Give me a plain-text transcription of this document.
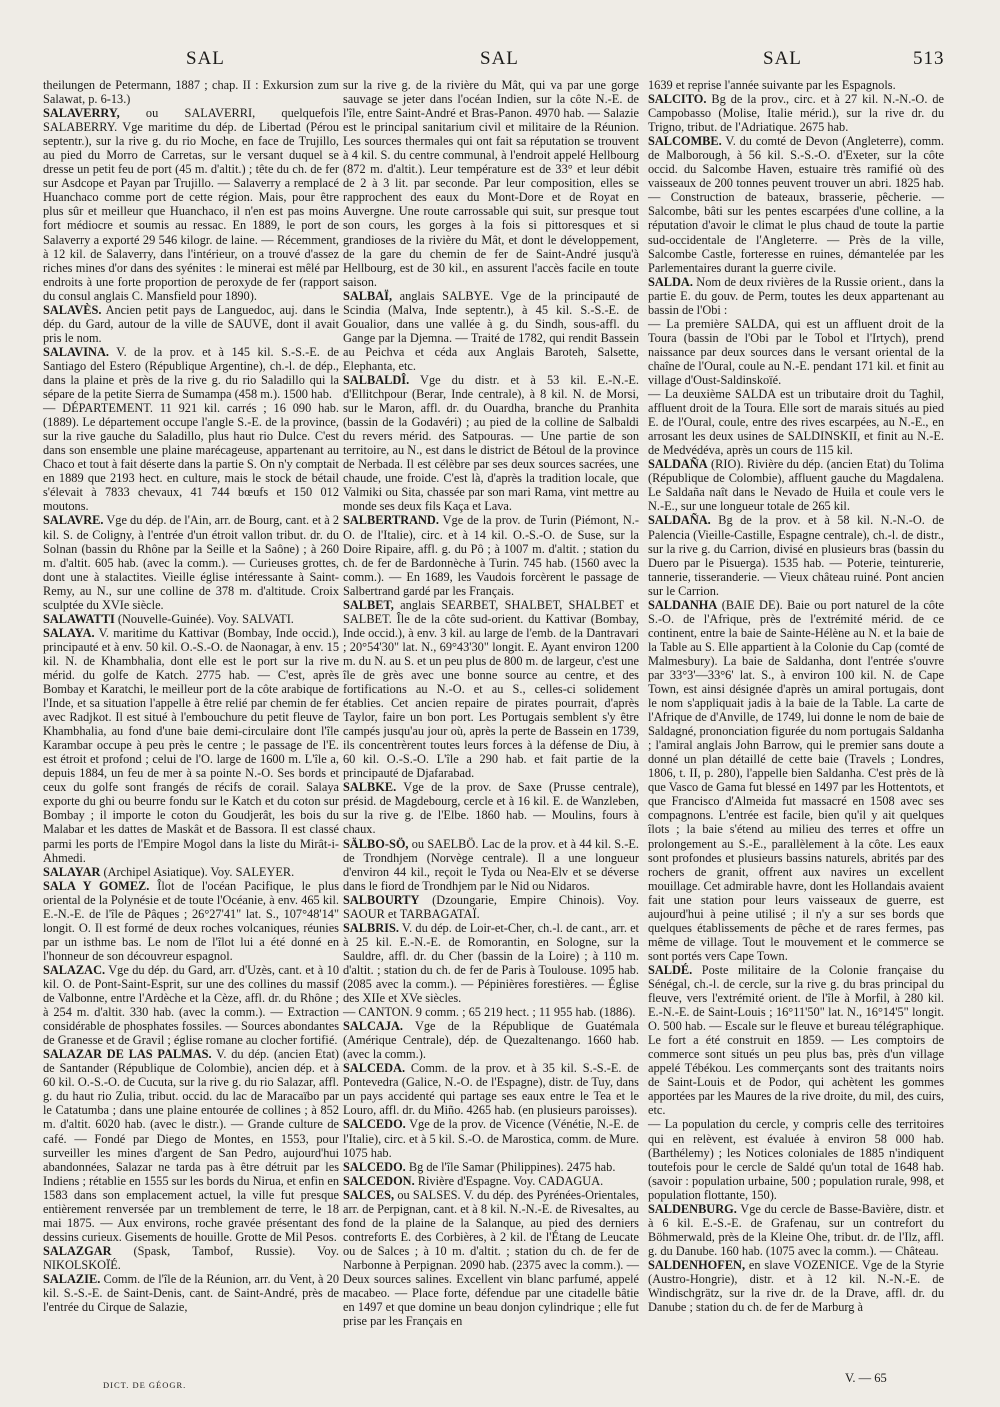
SAL	SAL	SAL	513

theilungen de Petermann, 1887 ; chap. II : Exkursion zum Salawat, p. 6-13.)

SALAVERRY, ou SALAVERRI, quelquefois SALABERRY. Vge maritime du dép. de Libertad (Pérou septentr.), sur la rive g. du rio Moche, en face de Trujillo, au pied du Morro de Carretas, sur le versant duquel se dresse un petit feu de port (45 m. d'altit.) ; tête du ch. de fer sur Asdcope et Payan par Trujillo. — Salaverry a remplacé Huanchaco comme port de cette région. Mais, pour être plus sûr et meilleur que Huanchaco, il n'en est pas moins fort médiocre et soumis au ressac. En 1889, le port de Salaverry a exporté 29 546 kilogr. de laine. — Récemment, à 12 kil. de Salaverry, dans l'intérieur, on a trouvé d'assez riches mines d'or dans des syénites : le minerai est mêlé par endroits à une forte proportion de peroxyde de fer (rapport du consul anglais C. Mansfield pour 1890).

SALAVÈS. Ancien petit pays de Languedoc, auj. dans le dép. du Gard, autour de la ville de SAUVE, dont il avait pris le nom.

SALAVINA. V. de la prov. et à 145 kil. S.-S.-E. de Santiago del Estero (République Argentine), ch.-l. de dép., dans la plaine et près de la rive g. du rio Saladillo qui la sépare de la petite Sierra de Sumampa (458 m.). 1500 hab.

— DÉPARTEMENT. 11 921 kil. carrés ; 16 090 hab. (1889). Le département occupe l'angle S.-E. de la province, sur la rive gauche du Saladillo, plus haut rio Dulce. C'est dans son ensemble une plaine marécageuse, appartenant au Chaco et tout à fait déserte dans la partie S. On n'y comptait en 1889 que 2193 hect. en culture, mais le stock de bétail s'élevait à 7833 chevaux, 41 744 bœufs et 150 012 moutons.

SALAVRE. Vge du dép. de l'Ain, arr. de Bourg, cant. et à 2 kil. S. de Coligny, à l'entrée d'un étroit vallon tribut. dr. du Solnan (bassin du Rhône par la Seille et la Saône) ; à 260 m. d'altit. 605 hab. (avec la comm.). — Curieuses grottes, dont une à stalactites. Vieille église intéressante à Saint-Remy, au N., sur une colline de 378 m. d'altitude. Croix sculptée du XVIe siècle.

SALAWATTI (Nouvelle-Guinée). Voy. SALVATI.

SALAYA. V. maritime du Kattivar (Bombay, Inde occid.), principauté et à env. 50 kil. O.-S.-O. de Naonagar, à env. 15 kil. N. de Khambhalia, dont elle est le port sur la rive mérid. du golfe de Katch. 2775 hab. — C'est, après Bombay et Karatchi, le meilleur port de la côte arabique de l'Inde, et sa situation l'appelle à être relié par chemin de fer avec Radjkot. Il est situé à l'embouchure du petit fleuve de Khambhalia, au fond d'une baie demi-circulaire dont l'île Karambar occupe à peu près le centre ; le passage de l'E. est étroit et profond ; celui de l'O. large de 1600 m. L'île a, depuis 1884, un feu de mer à sa pointe N.-O. Ses bords et ceux du golfe sont frangés de récifs de corail. Salaya exporte du ghi ou beurre fondu sur le Katch et du coton sur Bombay ; il importe le coton du Goudjerât, les bois du Malabar et les dattes de Maskât et de Bassora. Il est classé parmi les ports de l'Empire Mogol dans la liste du Mirât-i-Ahmedi.

SALAYAR (Archipel Asiatique). Voy. SALEYER.

SALA Y GOMEZ. Îlot de l'océan Pacifique, le plus oriental de la Polynésie et de toute l'Océanie, à env. 465 kil. E.-N.-E. de l'île de Pâques ; 26°27'41" lat. S., 107°48'14" longit. O. Il est formé de deux roches volcaniques, réunies par un isthme bas. Le nom de l'îlot lui a été donné en l'honneur de son découvreur espagnol.

SALAZAC. Vge du dép. du Gard, arr. d'Uzès, cant. et à 10 kil. O. de Pont-Saint-Esprit, sur une des collines du massif de Valbonne, entre l'Ardèche et la Cèze, affl. dr. du Rhône ; à 254 m. d'altit. 330 hab. (avec la comm.). — Extraction considérable de phosphates fossiles. — Sources abondantes de Granesse et de Gravil ; église romane au clocher fortifié.

SALAZAR DE LAS PALMAS. V. du dép. (ancien Etat) de Santander (République de Colombie), ancien dép. et à 60 kil. O.-S.-O. de Cucuta, sur la rive g. du rio Salazar, affl. g. du haut rio Zulia, tribut. occid. du lac de Maracaïbo par le Catatumba ; dans une plaine entourée de collines ; à 852 m. d'altit. 6020 hab. (avec le distr.). — Grande culture de café. — Fondé par Diego de Montes, en 1553, pour surveiller les mines d'argent de San Pedro, aujourd'hui abandonnées, Salazar ne tarda pas à être détruit par les Indiens ; rétablie en 1555 sur les bords du Nirua, et enfin en 1583 dans son emplacement actuel, la ville fut presque entièrement renversée par un tremblement de terre, le 18 mai 1875. — Aux environs, roche gravée présentant des dessins curieux. Gisements de houille. Grotte de Mil Pesos.

SALAZGAR (Spask, Tambof, Russie). Voy. NIKOLSKOÏÉ.

SALAZIE. Comm. de l'île de la Réunion, arr. du Vent, à 20 kil. S.-S.-E. de Saint-Denis, cant. de Saint-André, près de l'entrée du Cirque de Salazie,

sur la rive g. de la rivière du Mât, qui va par une gorge sauvage se jeter dans l'océan Indien, sur la côte N.-E. de l'île, entre Saint-André et Bras-Panon. 4970 hab. — Salazie est le principal sanitarium civil et militaire de la Réunion. Les sources thermales qui ont fait sa réputation se trouvent à 4 kil. S. du centre communal, à l'endroit appelé Hellbourg (872 m. d'altit.). Leur température est de 33° et leur débit de 2 à 3 lit. par seconde. Par leur composition, elles se rapprochent des eaux du Mont-Dore et de Royat en Auvergne. Une route carrossable qui suit, sur presque tout son cours, les gorges à la fois si pittoresques et si grandioses de la rivière du Mât, et dont le développement, de la gare du chemin de fer de Saint-André jusqu'à Hellbourg, est de 30 kil., en assurent l'accès facile en toute saison.

SALBAÏ, anglais SALBYE. Vge de la principauté de Scindia (Malva, Inde septentr.), à 45 kil. S.-S.-E. de Goualior, dans une vallée à g. du Sindh, sous-affl. du Gange par la Djemna. — Traité de 1782, qui rendit Bassein au Peichva et céda aux Anglais Baroteh, Salsette, Elephanta, etc.

SALBALDÎ. Vge du distr. et à 53 kil. E.-N.-E. d'Ellitchpour (Berar, Inde centrale), à 8 kil. N. de Morsi, sur le Maron, affl. dr. du Ouardha, branche du Pranhita (bassin de la Godavéri) ; au pied de la colline de Salbaldi du revers mérid. des Satpouras. — Une partie de son territoire, au N., est dans le district de Bétoul de la province de Nerbada. Il est célèbre par ses deux sources sacrées, une chaude, une froide. C'est là, d'après la tradition locale, que Valmiki ou Sita, chassée par son mari Rama, vint mettre au monde ses deux fils Kaça et Lava.

SALBERTRAND. Vge de la prov. de Turin (Piémont, N.-O. de l'Italie), circ. et à 14 kil. O.-S.-O. de Suse, sur la Doire Ripaire, affl. g. du Pô ; à 1007 m. d'altit. ; station du ch. de fer de Bardonnèche à Turin. 745 hab. (1560 avec la comm.). — En 1689, les Vaudois forcèrent le passage de Salbertrand gardé par les Français.

SALBET, anglais SEARBET, SHALBET, SHALBET et SALBET. Île de la côte sud-orient. du Kattivar (Bombay, Inde occid.), à env. 3 kil. au large de l'emb. de la Dantravari ; 20°54'30" lat. N., 69°43'30" longit. E. Ayant environ 1200 m. du N. au S. et un peu plus de 800 m. de largeur, c'est une île de grès avec une bonne source au centre, et des fortifications au N.-O. et au S., celles-ci solidement établies. Cet ancien repaire de pirates pourrait, d'après Taylor, faire un bon port. Les Portugais semblent s'y être campés jusqu'au jour où, après la perte de Bassein en 1739, ils concentrèrent toutes leurs forces à la défense de Diu, à 60 kil. O.-S.-O. L'île a 290 hab. et fait partie de la principauté de Djafarabad.

SALBKE. Vge de la prov. de Saxe (Prusse centrale), présid. de Magdebourg, cercle et à 16 kil. E. de Wanzleben, sur la rive g. de l'Elbe. 1860 hab. — Moulins, fours à chaux.

SÄLBO-SÖ, ou SAELBÖ. Lac de la prov. et à 44 kil. S.-E. de Trondhjem (Norvège centrale). Il a une longueur d'environ 44 kil., reçoit le Tyda ou Nea-Elv et se déverse dans le fiord de Trondhjem par le Nid ou Nidaros.

SALBOURTY (Dzoungarie, Empire Chinois). Voy. SAOUR et TARBAGATAÏ.

SALBRIS. V. du dép. de Loir-et-Cher, ch.-l. de cant., arr. et à 25 kil. E.-N.-E. de Romorantin, en Sologne, sur la Sauldre, affl. dr. du Cher (bassin de la Loire) ; à 110 m. d'altit. ; station du ch. de fer de Paris à Toulouse. 1095 hab. (2085 avec la comm.). — Pépinières forestières. — Église des XIIe et XVe siècles.

— CANTON. 9 comm. ; 65 219 hect. ; 11 955 hab. (1886).

SALCAJA. Vge de la République de Guatémala (Amérique Centrale), dép. de Quezaltenango. 1660 hab. (avec la comm.).

SALCEDA. Comm. de la prov. et à 35 kil. S.-S.-E. de Pontevedra (Galice, N.-O. de l'Espagne), distr. de Tuy, dans un pays accidenté qui partage ses eaux entre le Tea et le Louro, affl. dr. du Miño. 4265 hab. (en plusieurs paroisses).

SALCEDO. Vge de la prov. de Vicence (Vénétie, N.-E. de l'Italie), circ. et à 5 kil. S.-O. de Marostica, comm. de Mure. 1075 hab.

SALCEDO. Bg de l'île Samar (Philippines). 2475 hab.

SALCEDON. Rivière d'Espagne. Voy. CADAGUA.

SALCES, ou SALSES. V. du dép. des Pyrénées-Orientales, arr. de Perpignan, cant. et à 8 kil. N.-N.-E. de Rivesaltes, au fond de la plaine de la Salanque, au pied des derniers contreforts E. des Corbières, à 2 kil. de l'Étang de Leucate ou de Salces ; à 10 m. d'altit. ; station du ch. de fer de Narbonne à Perpignan. 2090 hab. (2375 avec la comm.). — Deux sources salines. Excellent vin blanc parfumé, appelé macabeo. — Place forte, défendue par une citadelle bâtie en 1497 et que domine un beau donjon cylindrique ; elle fut prise par les Français en

1639 et reprise l'année suivante par les Espagnols.

SALCITO. Bg de la prov., circ. et à 27 kil. N.-N.-O. de Campobasso (Molise, Italie mérid.), sur la rive dr. du Trigno, tribut. de l'Adriatique. 2675 hab.

SALCOMBE. V. du comté de Devon (Angleterre), comm. de Malborough, à 56 kil. S.-S.-O. d'Exeter, sur la côte occid. du Salcombe Haven, estuaire très ramifié où des vaisseaux de 200 tonnes peuvent trouver un abri. 1825 hab. — Construction de bateaux, brasserie, pêcherie. — Salcombe, bâti sur les pentes escarpées d'une colline, a la réputation d'avoir le climat le plus chaud de toute la partie sud-occidentale de l'Angleterre. — Près de la ville, Salcombe Castle, forteresse en ruines, démantelée par les Parlementaires durant la guerre civile.

SALDA. Nom de deux rivières de la Russie orient., dans la partie E. du gouv. de Perm, toutes les deux appartenant au bassin de l'Obi :

— La première SALDA, qui est un affluent droit de la Toura (bassin de l'Obi par le Tobol et l'Irtych), prend naissance par deux sources dans le versant oriental de la chaîne de l'Oural, coule au N.-E. pendant 171 kil. et finit au village d'Oust-Saldinskoïé.

— La deuxième SALDA est un tributaire droit du Taghil, affluent droit de la Toura. Elle sort de marais situés au pied E. de l'Oural, coule, entre des rives escarpées, au N.-E., en arrosant les deux usines de SALDINSKII, et finit au N.-E. de Medvédéva, après un cours de 115 kil.

SALDAÑA (RIO). Rivière du dép. (ancien Etat) du Tolima (République de Colombie), affluent gauche du Magdalena. Le Saldaña naît dans le Nevado de Huila et coule vers le N.-E., sur une longueur totale de 265 kil.

SALDAÑA. Bg de la prov. et à 58 kil. N.-N.-O. de Palencia (Vieille-Castille, Espagne centrale), ch.-l. de distr., sur la rive g. du Carrion, divisé en plusieurs bras (bassin du Duero par le Pisuerga). 1535 hab. — Poterie, teinturerie, tannerie, tisseranderie. — Vieux château ruiné. Pont ancien sur le Carrion.

SALDANHA (BAIE DE). Baie ou port naturel de la côte S.-O. de l'Afrique, près de l'extrémité mérid. de ce continent, entre la baie de Sainte-Hélène au N. et la baie de la Table au S. Elle appartient à la Colonie du Cap (comté de Malmesbury). La baie de Saldanha, dont l'entrée s'ouvre par 33°3'—33°6' lat. S., à environ 100 kil. N. de Cape Town, est ainsi désignée d'après un amiral portugais, dont le nom s'appliquait jadis à la baie de la Table. La carte de l'Afrique de d'Anville, de 1749, lui donne le nom de baie de Saldagné, prononciation figurée du nom portugais Saldanha ; l'amiral anglais John Barrow, qui le premier sans doute a donné un plan détaillé de cette baie (Travels ; Londres, 1806, t. II, p. 280), l'appelle bien Saldanha. C'est près de là que Vasco de Gama fut blessé en 1497 par les Hottentots, et que Francisco d'Almeida fut massacré en 1508 avec ses compagnons. L'entrée est facile, bien qu'il y ait quelques îlots ; la baie s'étend au milieu des terres et offre un prolongement au S.-E., parallèlement à la côte. Les eaux sont profondes et plusieurs bassins naturels, abrités par des rochers de granit, offrent aux navires un excellent mouillage. Cet admirable havre, dont les Hollandais avaient fait une station pour leurs vaisseaux de guerre, est aujourd'hui à peine utilisé ; il n'y a sur ses bords que quelques établissements de pêche et de rares fermes, pas même de village. Tout le mouvement et le commerce se sont portés vers Cape Town.

SALDÉ. Poste militaire de la Colonie française du Sénégal, ch.-l. de cercle, sur la rive g. du bras principal du fleuve, vers l'extrémité orient. de l'île à Morfil, à 280 kil. E.-N.-E. de Saint-Louis ; 16°11'50" lat. N., 16°14'5" longit. O. 500 hab. — Escale sur le fleuve et bureau télégraphique. Le fort a été construit en 1859. — Les comptoirs de commerce sont situés un peu plus bas, près d'un village appelé Tébékou. Les commerçants sont des traitants noirs de Saint-Louis et de Podor, qui achètent les gommes apportées par les Maures de la rive droite, du mil, des cuirs, etc.

— La population du cercle, y compris celle des territoires qui en relèvent, est évaluée à environ 58 000 hab. (Barthélemy) ; les Notices coloniales de 1885 n'indiquent toutefois pour le cercle de Saldé qu'un total de 1648 hab. (savoir : population urbaine, 500 ; population rurale, 998, et population flottante, 150).

SALDENBURG. Vge du cercle de Basse-Bavière, distr. et à 6 kil. E.-S.-E. de Grafenau, sur un contrefort du Böhmerwald, près de la Kleine Ohe, tribut. dr. de l'Ilz, affl. g. du Danube. 160 hab. (1075 avec la comm.). — Château.

SALDENHOFEN, en slave VOZENICE. Vge de la Styrie (Austro-Hongrie), distr. et à 12 kil. N.-N.-E. de Windischgrätz, sur la rive dr. de la Drave, affl. dr. du Danube ; station du ch. de fer de Marburg à

DICT. DE GÉOGR.	V. — 65
